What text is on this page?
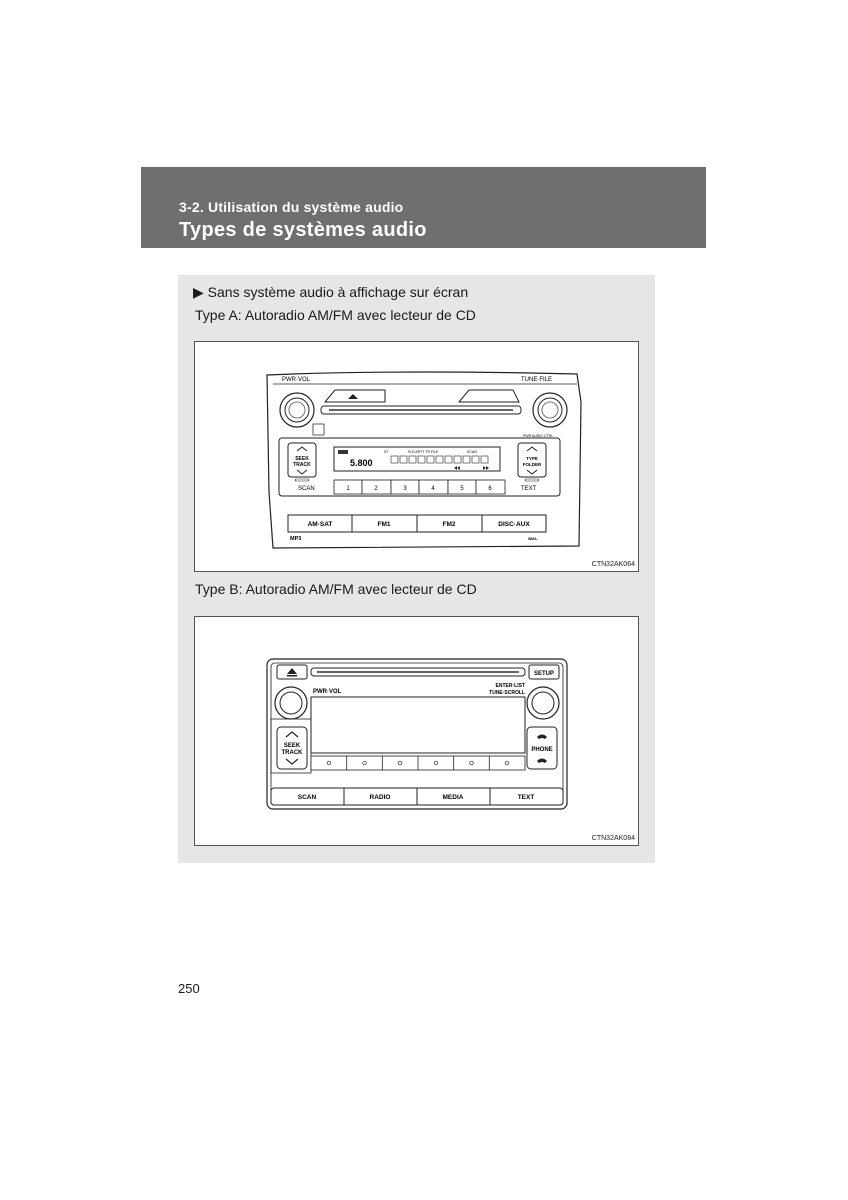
3-2. Utilisation du système audio
Types de systèmes audio
▶ Sans système audio à affichage sur écran
Type A: Autoradio AM/FM avec lecteur de CD
PWR·VOL	TUNE·FILE
PWR AUDIO CTRL
SEEK
TRACK
TYPE
FOLDER
5.800
ST	FLD ARTT TR FILE	SCAN
SCAN	TEXT
1	2	3	4	5	6
AM·SAT	FM1	FM2	DISC·AUX
MP3	WMA
CTN32AK064
Type B: Autoradio AM/FM avec lecteur de CD
SETUP
PWR·VOL
ENTER·LIST
TUNE·SCROLL
SEEK
TRACK	PHONE
SCAN	RADIO	MEDIA	TEXT
CTN32AK084
250
